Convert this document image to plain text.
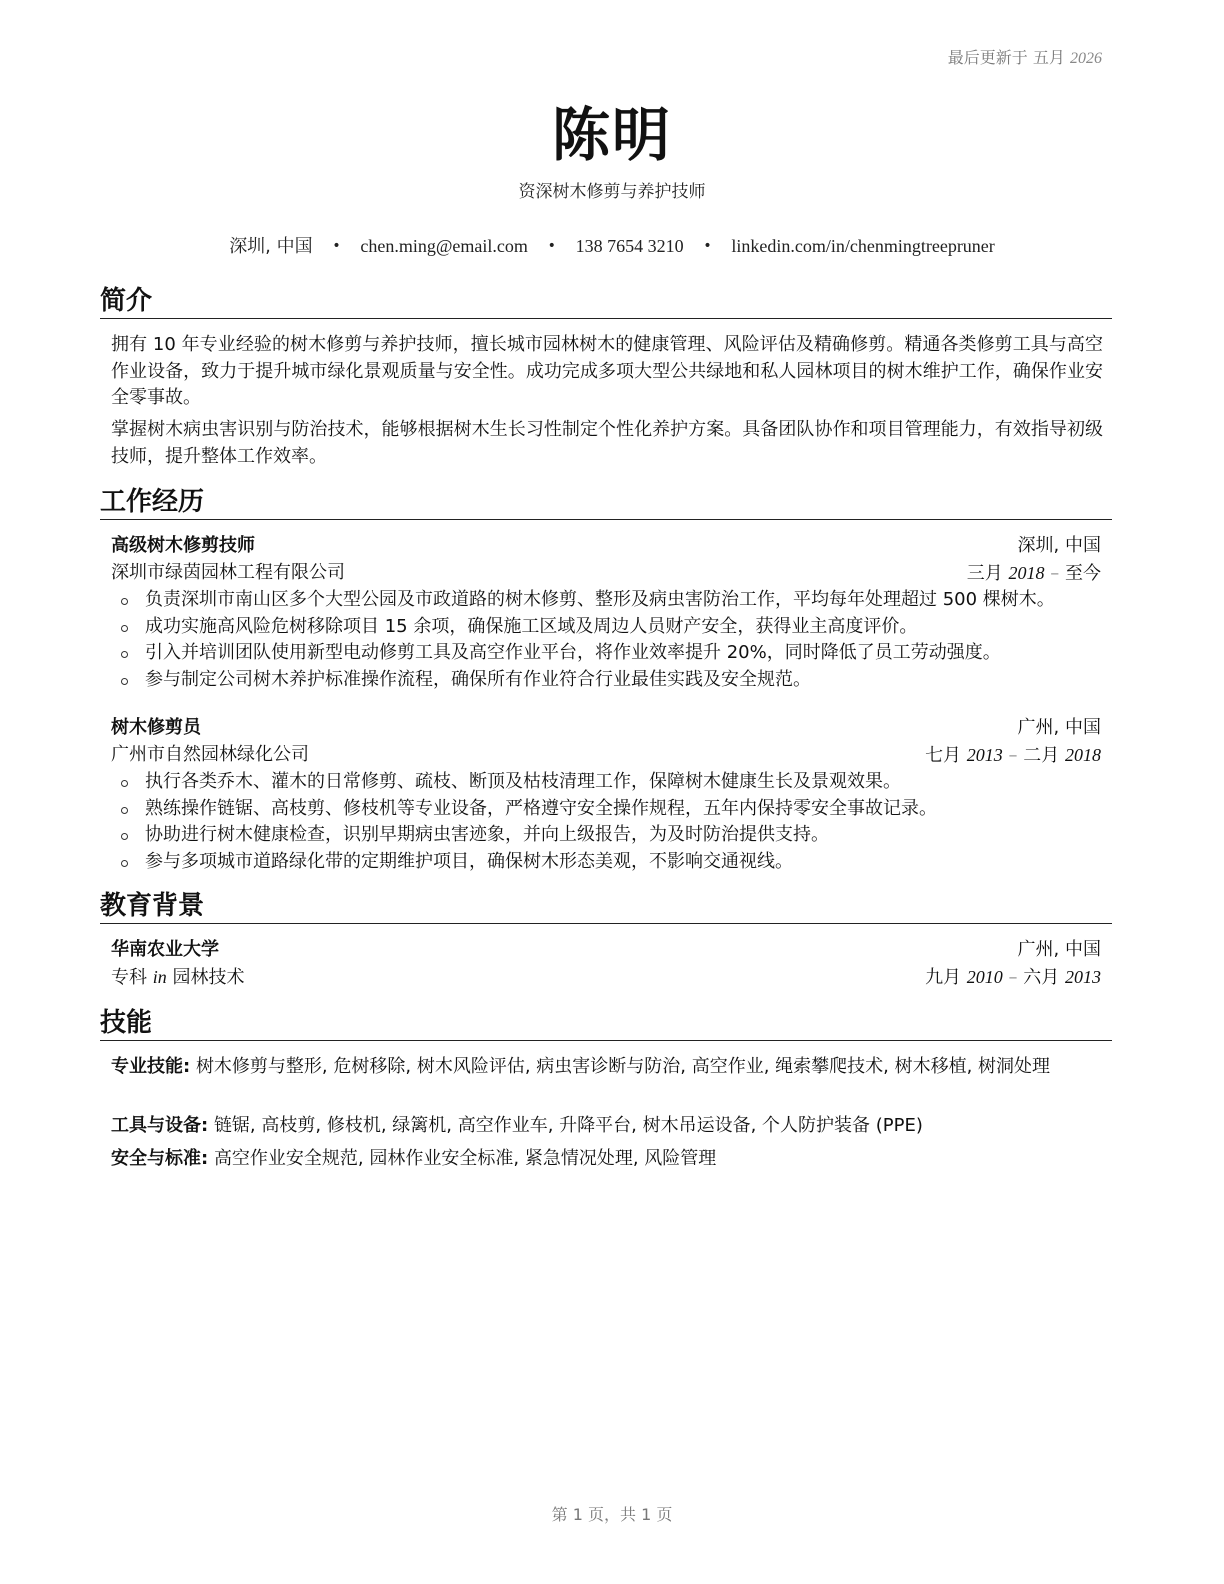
最后更新于 五月 2026
陈明
资深树木修剪与养护技师
深圳, 中国 • chen.ming@email.com • 138 7654 3210 • linkedin.com/in/chenmingtreepruner
简介
拥有 10 年专业经验的树木修剪与养护技师，擅长城市园林树木的健康管理、风险评估及精确修剪。精通各类修剪工具与高空作业设备，致力于提升城市绿化景观质量与安全性。成功完成多项大型公共绿地和私人园林项目的树木维护工作，确保作业安全零事故。
掌握树木病虫害识别与防治技术，能够根据树木生长习性制定个性化养护方案。具备团队协作和项目管理能力，有效指导初级技师，提升整体工作效率。
工作经历
高级树木修剪技师	深圳, 中国
深圳市绿茵园林工程有限公司	三月 2018 – 至今
负责深圳市南山区多个大型公园及市政道路的树木修剪、整形及病虫害防治工作，平均每年处理超过 500 棵树木。
成功实施高风险危树移除项目 15 余项，确保施工区域及周边人员财产安全，获得业主高度评价。
引入并培训团队使用新型电动修剪工具及高空作业平台，将作业效率提升 20%，同时降低了员工劳动强度。
参与制定公司树木养护标准操作流程，确保所有作业符合行业最佳实践及安全规范。
树木修剪员	广州, 中国
广州市自然园林绿化公司	七月 2013 – 二月 2018
执行各类乔木、灌木的日常修剪、疏枝、断顶及枯枝清理工作，保障树木健康生长及景观效果。
熟练操作链锯、高枝剪、修枝机等专业设备，严格遵守安全操作规程，五年内保持零安全事故记录。
协助进行树木健康检查，识别早期病虫害迹象，并向上级报告，为及时防治提供支持。
参与多项城市道路绿化带的定期维护项目，确保树木形态美观，不影响交通视线。
教育背景
华南农业大学	广州, 中国
专科 in 园林技术	九月 2010 – 六月 2013
技能
专业技能: 树木修剪与整形, 危树移除, 树木风险评估, 病虫害诊断与防治, 高空作业, 绳索攀爬技术, 树木移植, 树洞处理
工具与设备: 链锯, 高枝剪, 修枝机, 绿篱机, 高空作业车, 升降平台, 树木吊运设备, 个人防护装备 (PPE)
安全与标准: 高空作业安全规范, 园林作业安全标准, 紧急情况处理, 风险管理
第 1 页，共 1 页
